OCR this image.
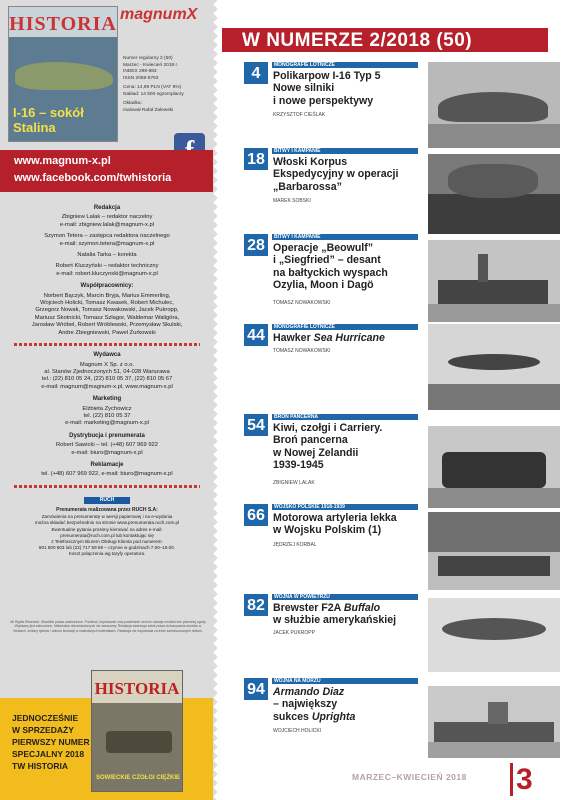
HISTORIA
I-16 – sokół Stalina
magnumX

Numer regularny 2 (50)
Marzec - Kwiecień 2018 r.
INDEX 298-883
ISSN 2069-5763

Cena: 14,99 PLN (VAT 8%)
Nakład: 14 500 egzemplarzy

Okładka:
malował Rafał Zalewski

www.magnum-x.pl
www.facebook.com/twhistoria
Redakcja

Zbigniew Lalak – redaktor naczelny

e-mail: zbigniew.lalak@magnum-x.pl

Szymon Tetera – zastępca redaktora naczelnego

e-mail: szymon.tetera@magnum-x.pl

Natalia Tarka – korekta

Robert Kluczyński – redaktor techniczny

e-mail: robert.kluczynski@magnum-x.pl

Współpracownicy:

Norbert Bączyk, Marcin Bryja, Marius Emmerling,

Wojciech Holicki, Tomasz Kwasek, Robert Michulec,

Grzegorz Nowak, Tomasz Nowakowski, Jacek Pukropp,

Mariusz Skotnicki, Tomasz Szlagor, Waldemar Waligóra,

Jarosław Wróbel, Robert Wróblewski, Przemysław Skulski,

Andre Zbiegniewski, Paweł Żurkowski

Wydawca

Magnum X Sp. z o.o.

al. Stanów Zjednoczonych 51, 04-028 Warszawa

tel.: (22) 810 05 24, (22) 810 05 37, (22) 810 05 67

e-mail: magnum@magnum-x.pl, www.magnum-x.pl

Marketing

Elżbieta Zychowicz

tel. (22) 810 05 37

e-mail: marketing@magnum-x.pl

Dystrybucja i prenumerata

Robert Sawicki – tel. (+48) 607 969 922

e-mail: biuro@magnum-x.pl

Reklamacje

tel. (+48) 607 969 922, e-mail: biuro@magnum-x.pl

RUCH

Prenumerata realizowana przez RUCH S.A:

Zamówienia na prenumeratę w wersji papierowej i na e-wydania

można składać bezpośrednio na stronie www.prenumerata.ruch.com.pl

Ewentualne pytania prosimy kierować na adres e-mail:

prenumerata@ruch.com.pl lub kontaktując się

z Telefonicznym Biurem Obsługi Klienta pod numerem:

801 800 803 lub (22) 717 59 59 – czynne w godzinach 7.00–18.00.

Koszt połączenia wg taryfy operatora.

All Rights Reserved. Wszelkie prawa zastrzeżone. Przedruk, kopiowanie oraz powielanie na inne rodzaje mediów bez pisemnej zgody Wydawcy jest zabronione. Materiałów niezamówionych nie zwracamy. Redakcja zastrzega sobie prawo dokonywania skrótów w tekstach, zmiany tytułów i doboru ilustracji w nadesłanych materiałach. Redakcja nie odpowiada za treść zamieszczanych reklam.
JEDNOCZEŚNIE
W SPRZEDAŻY
PIERWSZY NUMER
SPECJALNY 2018
TW HISTORIA
HISTORIA
SOWIECKIE CZOŁGI CIĘŻKIE
W NUMERZE 2/2018 (50)
4	MONOGRAFIE LOTNICZE
Polikarpow I-16 Typ 5
Nowe silniki
i nowe perspektywy
KRZYSZTOF CIEŚLAK
18	BITWY I KAMPANIE
Włoski Korpus
Ekspedycyjny w operacji
„Barbarossa”
MAREK SOBSKI
28	BITWY I KAMPANIE
Operacje „Beowulf”
i „Siegfried” – desant
na bałtyckich wyspach
Ozylia, Moon i Dagö
TOMASZ NOWAKOWSKI
44	MONOGRAFIE LOTNICZE
Hawker Sea Hurricane
TOMASZ NOWAKOWSKI
54	BROŃ PANCERNA
Kiwi, czołgi i Carriery.
Broń pancerna
w Nowej Zelandii
1939-1945
ZBIGNIEW LALAK
66	WOJSKO POLSKIE 1918-1939
Motorowa artyleria lekka
w Wojsku Polskim (1)
JĘDRZEJ KORBAL
82	WOJNA W POWIETRZU
Brewster F2A Buffalo
w służbie amerykańskiej
JACEK PUKROPP
94	WOJNA NA MORZU
Armando Diaz
– największy
sukces Uprighta
WOJCIECH HOLICKI
MARZEC–KWIECIEŃ 2018 3
